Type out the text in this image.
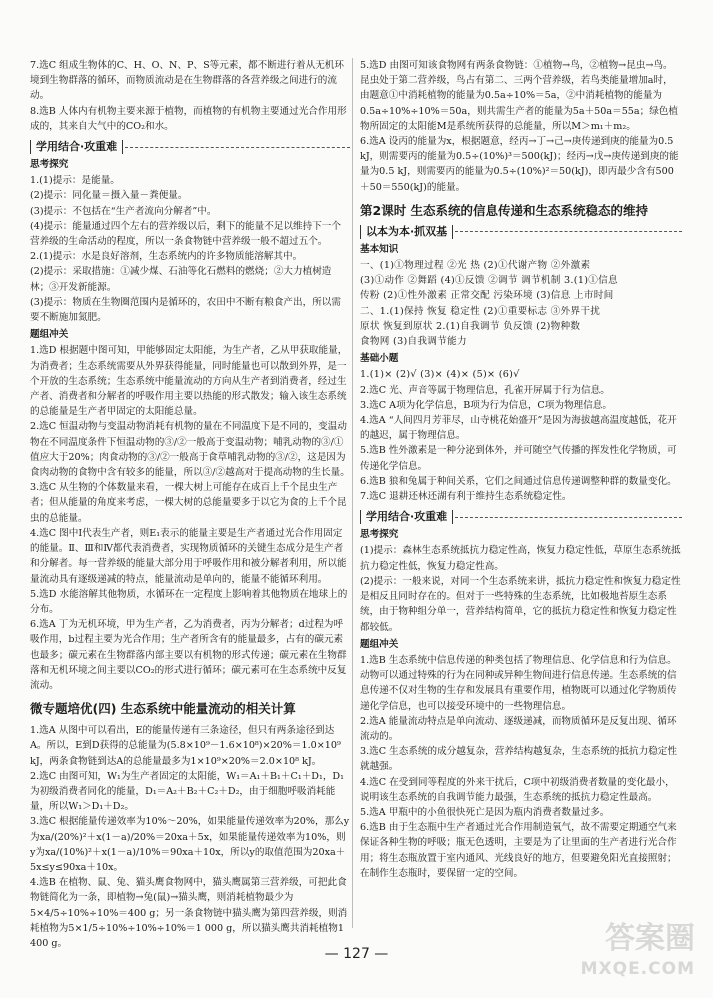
7.选C 组成生物体的C、H、O、N、P、S等元素，都不断进行着从无机环境到生物群落的循环，而物质流动是在生物群落的各营养级之间进行的流动。
8.选B 人体内有机物主要来源于植物，而植物的有机物主要通过光合作用形成的，其来自大气中的CO₂和水。
学用结合·攻重难
思考探究
1.(1)提示：是能量。
(2)提示：同化量＝摄入量－粪便量。
(3)提示：不包括在“生产者流向分解者”中。
(4)提示：能量通过四个左右的营养级以后，剩下的能量不足以维持下一个营养级的生命活动的程度，所以一条食物链中营养级一般不超过五个。
2.(1)提示：水是良好溶剂，生态系统内的许多物质能溶解其中。
(2)提示：采取措施：①减少煤、石油等化石燃料的燃烧；②大力植树造林；③开发新能源。
(3)提示：物质在生物圈范围内是循环的，农田中不断有粮食产出，所以需要不断施加氮肥。
题组冲关
1.选D 根据题中图可知，甲能够固定太阳能，为生产者，乙从甲获取能量，为消费者；生态系统需要从外界获得能量，同时能量也可以散到外界，是一个开放的生态系统；生态系统中能量流动的方向从生产者到消费者，经过生产者、消费者和分解者的呼吸作用主要以热能的形式散发；输入该生态系统的总能量是生产者甲固定的太阳能总量。
2.选C 恒温动物与变温动物消耗有机物的量在不同温度下是不同的，变温动物在不同温度条件下恒温动物的③/②一般高于变温动物；哺乳动物的③/①值应大于20%；肉食动物的③/②一般高于食草哺乳动物的③/②，这是因为食肉动物的食物中含有较多的能量，所以③/②越高对于提高动物的生长量。
3.选C 从生物的个体数量来看，一棵大树上可能存在成百上千个昆虫生产者；但从能量的角度来考虑，一棵大树的总能量要多于以它为食的上千个昆虫的总能量。
4.选C 图中Ⅰ代表生产者，则E₁表示的能量主要是生产者通过光合作用固定的能量。Ⅱ、Ⅲ和Ⅳ都代表消费者，实现物质循环的关键生态成分是生产者和分解者。每一营养级的能量大部分用于呼吸作用和被分解者利用，所以能量流动具有逐级递减的特点，能量流动是单向的，能量不能循环利用。
5.选D 水能溶解其他物质，水循环在一定程度上影响着其他物质在地球上的分布。
6.选A 丁为无机环境，甲为生产者，乙为消费者，丙为分解者；d过程为呼吸作用，b过程主要为光合作用；生产者所含有的能量最多，占有的碳元素也最多；碳元素在生物群落内部主要以有机物的形式传递；碳元素在生物群落和无机环境之间主要以CO₂的形式进行循环；碳元素可在生态系统中反复流动。
微专题培优(四) 生态系统中能量流动的相关计算
1.选A 从图中可以看出，E的能量传递有三条途径，但只有两条途径到达A。所以，E到D获得的总能量为(5.8×10⁹－1.6×10⁸)×20%＝1.0×10⁹ kJ，两条食物链到达A的总能量最多为1×10⁹×20%＝2.0×10⁸ kJ。
2.选C 由图可知，W₁为生产者固定的太阳能，W₁＝A₁＋B₁＋C₁＋D₁，D₁为初级消费者同化的能量，D₁＝A₂＋B₂＋C₂＋D₂，由于细胞呼吸消耗能量，所以W₁＞D₁＋D₂。
3.选C 根据能量传递效率为10%～20%，如果能量传递效率为20%，那么y为xa/(20%)²＋x(1－a)/20%＝20xa＋5x，如果能量传递效率为10%，则y为xa/(10%)²＋x(1－a)/10%＝90xa＋10x，所以y的取值范围为20xa＋5x≤y≤90xa＋10x。
4.选B 在植物、鼠、兔、猫头鹰食物网中，猫头鹰属第三营养级，可把此食物链简化为一条，即植物→兔(鼠)→猫头鹰，则消耗植物最少为5×4/5÷10%÷10%＝400 g；另一条食物链中猫头鹰为第四营养级，则消耗植物为5×1/5÷10%÷10%÷10%＝1 000 g，所以猫头鹰共消耗植物1 400 g。
5.选D 由图可知该食物网有两条食物链：①植物→鸟，②植物→昆虫→鸟。昆虫处于第二营养级，鸟占有第二、三两个营养级，若鸟类能量增加a时，由题意①中消耗植物的能量为0.5a÷10%＝5a，②中消耗植物的能量为0.5a÷10%÷10%＝50a，则共需生产者的能量为5a＋50a＝55a；绿色植物所固定的太阳能M是系统所获得的总能量，所以M＞m₁＋m₂。
6.选A 设丙的能量为x，根据题意，经丙→丁→己→庚传递到庚的能量为0.5 kJ，则需要丙的能量为0.5÷(10%)³＝500(kJ)；经丙→戊→庚传递到庚的能量为0.5 kJ，则需要丙的能量为0.5÷(10%)²＝50(kJ)，即丙最少含有500＋50＝550(kJ)的能量。
第2课时 生态系统的信息传递和生态系统稳态的维持
以本为本·抓双基
基本知识
一、(1)①物理过程 ②光 热 (2)①代谢产物 ②外激素
(3)①动作 ②舞蹈 (4)①反馈 ②调节 调节机制 3.(1)①信息
传粉 (2)①性外激素 正常交配 污染环境 (3)信息 上市时间
二、1.(1)保持 恢复 稳定性 (2)①重要标志 ③外界干扰
原状 恢复到原状 2.(1)自我调节 负反馈 (2)物种数
食物网 (3)自我调节能力
基础小题
1.(1)× (2)√ (3)× (4)× (5)× (6)√
2.选C 光、声音等属于物理信息，孔雀开屏属于行为信息。
3.选C A项为化学信息，B项为行为信息，C项为物理信息。
4.选A “人间四月芳菲尽，山寺桃花始盛开”是因为海拔越高温度越低，花开的越迟，属于物理信息。
5.选B 性外激素是一种分泌到体外，并可随空气传播的挥发性化学物质，可传递化学信息。
6.选B 狼和兔属于种间关系，它们之间通过信息传递调整种群的数量变化。
7.选C 退耕还林还湖有利于维持生态系统稳定性。
学用结合·攻重难
思考探究
(1)提示：森林生态系统抵抗力稳定性高，恢复力稳定性低，草原生态系统抵抗力稳定性低，恢复力稳定性高。
(2)提示：一般来说，对同一个生态系统来讲，抵抗力稳定性和恢复力稳定性是相反且同时存在的。但对于一些特殊的生态系统，比如极地苔原生态系统，由于物种组分单一，营养结构简单，它的抵抗力稳定性和恢复力稳定性都较低。
题组冲关
1.选B 生态系统中信息传递的种类包括了物理信息、化学信息和行为信息。动物可以通过特殊的行为在同种或异种生物间进行信息传递。生态系统的信息传递不仅对生物的生存和发展具有重要作用，植物既可以通过化学物质传递化学信息，也可以接受环境中的一些物理信息。
2.选A 能量流动特点是单向流动、逐级递减，而物质循环是反复出现、循环流动的。
3.选C 生态系统的成分越复杂，营养结构越复杂，生态系统的抵抗力稳定性就越强。
4.选C 在受到同等程度的外来干扰后，C项中初级消费者数量的变化最小，说明该生态系统的自我调节能力最强，生态系统的抵抗力稳定性最高。
5.选A 甲瓶中的小鱼很快死亡是因为瓶内消费者数量过多。
6.选B 由于生态瓶中生产者通过光合作用制造氧气，故不需要定期通空气来保证各种生物的呼吸；瓶无色透明，主要是为了让里面的生产者进行光合作用；将生态瓶放置于室内通风、光线良好的地方，但要避免阳光直接照射；在制作生态瓶时，要保留一定的空间。
— 127 —	答案圈
MXQE.COM
